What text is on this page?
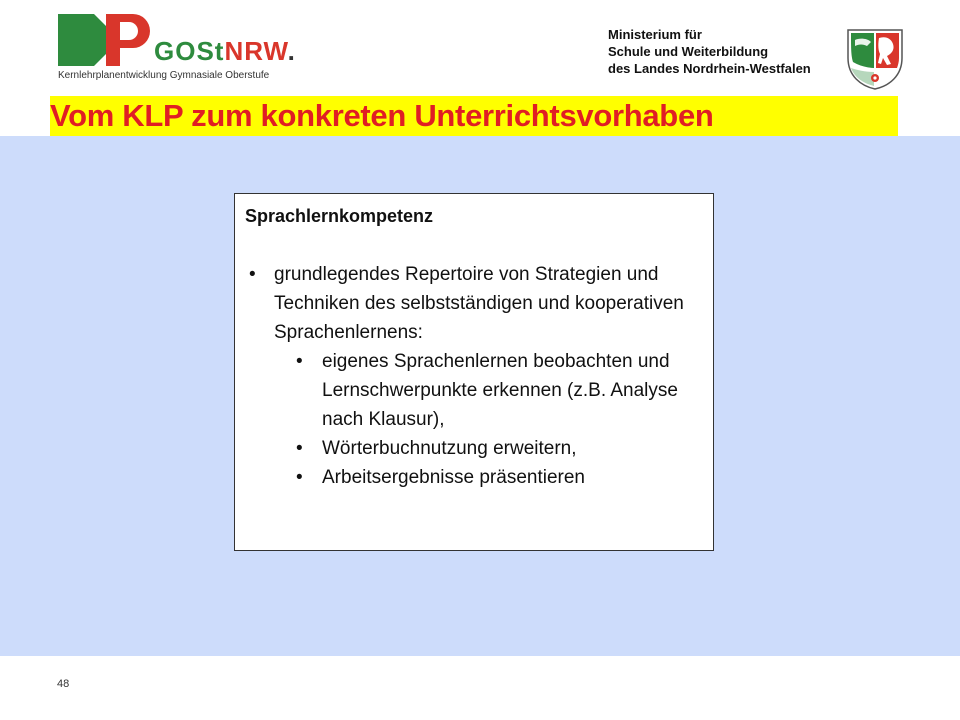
GOStNRW.
Kernlehrplanentwicklung Gymnasiale Oberstufe
Ministerium für
Schule und Weiterbildung
des Landes Nordrhein-Westfalen
Vom KLP zum konkreten Unterrichtsvorhaben
Sprachlernkompetenz
• grundlegendes Repertoire von Strategien und Techniken des selbstständigen und kooperativen Sprachenlernens:
• eigenes Sprachenlernen beobachten und Lernschwerpunkte erkennen (z.B. Analyse nach Klausur),
• Wörterbuchnutzung erweitern,
• Arbeitsergebnisse präsentieren
48
